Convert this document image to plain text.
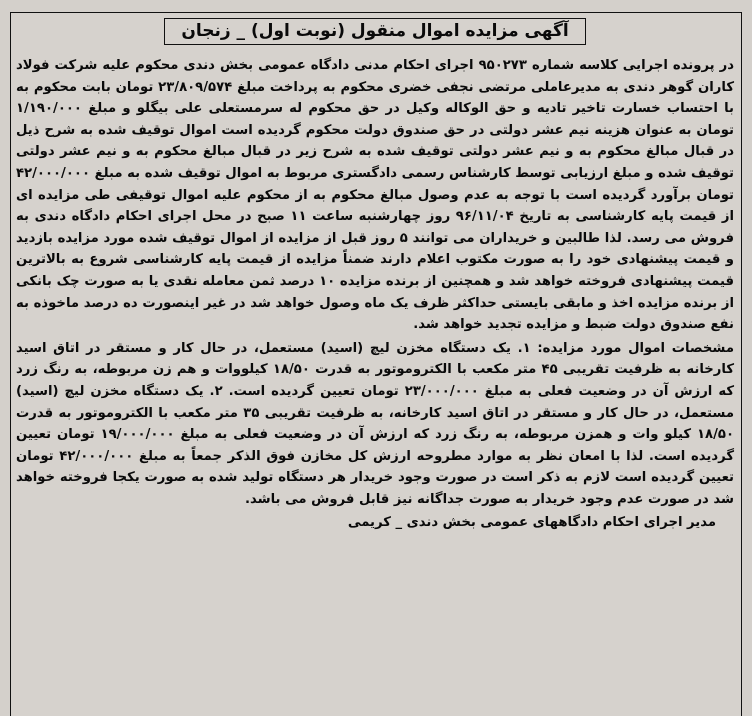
آگهی مزایده اموال منقول (نوبت اول) _ زنجان

در پرونده اجرایی کلاسه شماره ۹۵۰۲۷۳ اجرای احکام مدنی دادگاه عمومی بخش دندی محکوم علیه شرکت فولاد کاران گوهر دندی به مدیرعاملی مرتضی نجفی خضری محکوم به پرداخت مبلغ ۲۳/۸۰۹/۵۷۴ تومان بابت محکوم به با احتساب خسارت تاخیر تادیه و حق الوکاله وکیل در حق محکوم له سرمستعلی علی بیگلو و مبلغ ۱/۱۹۰/۰۰۰ تومان به عنوان هزینه نیم عشر دولتی در حق صندوق دولت محکوم گردیده است اموال توقیف شده به شرح ذیل در قبال مبالغ محکوم به و نیم عشر دولتی توقیف شده به شرح زیر در قبال مبالغ محکوم به و نیم عشر دولتی توقیف شده و مبلغ ارزیابی توسط کارشناس رسمی دادگستری مربوط به اموال توقیف شده به مبلغ ۴۲/۰۰۰/۰۰۰ تومان برآورد گردیده است با توجه به عدم وصول مبالغ محکوم به از محکوم علیه اموال توقیفی طی مزایده ای از قیمت پایه کارشناسی به تاریخ ۹۶/۱۱/۰۴ روز چهارشنبه ساعت ۱۱ صبح در محل اجرای احکام دادگاه دندی به فروش می رسد. لذا طالبین و خریداران می توانند ۵ روز قبل از مزایده از اموال توقیف شده مورد مزایده بازدید و قیمت پیشنهادی خود را به صورت مکتوب اعلام دارند ضمناً مزایده از قیمت پایه کارشناسی شروع به بالاترین قیمت پیشنهادی فروخته خواهد شد و همچنین از برنده مزایده ۱۰ درصد ثمن معامله نقدی یا به صورت چک بانکی از برنده مزایده اخذ و مابقی بایستی حداکثر ظرف یک ماه وصول خواهد شد در غیر اینصورت ده درصد ماخوذه به نفع صندوق دولت ضبط و مزایده تجدید خواهد شد.

مشخصات اموال مورد مزایده: ۱. یک دستگاه مخزن لیچ (اسید) مستعمل، در حال کار و مستقر در اتاق اسید کارخانه به ظرفیت تقریبی ۴۵ متر مکعب با الکتروموتور به قدرت ۱۸/۵۰ کیلووات و هم زن مربوطه، به رنگ زرد که ارزش آن در وضعیت فعلی به مبلغ ۲۳/۰۰۰/۰۰۰ تومان تعیین گردیده است. ۲. یک دستگاه مخزن لیچ (اسید) مستعمل، در حال کار و مستقر در اتاق اسید کارخانه، به ظرفیت تقریبی ۳۵ متر مکعب با الکتروموتور به قدرت ۱۸/۵۰ کیلو وات و همزن مربوطه، به رنگ زرد که ارزش آن در وضعیت فعلی به مبلغ ۱۹/۰۰۰/۰۰۰ تومان تعیین گردیده است. لذا با امعان نظر به موارد مطروحه ارزش کل مخازن فوق الذکر جمعاً به مبلغ ۴۲/۰۰۰/۰۰۰ تومان تعیین گردیده است لازم به ذکر است در صورت وجود خریدار هر دستگاه تولید شده به صورت یکجا فروخته خواهد شد در صورت عدم وجود خریدار به صورت جداگانه نیز قابل فروش می باشد.

مدیر اجرای احکام دادگاههای عمومی بخش دندی _ کریمی
